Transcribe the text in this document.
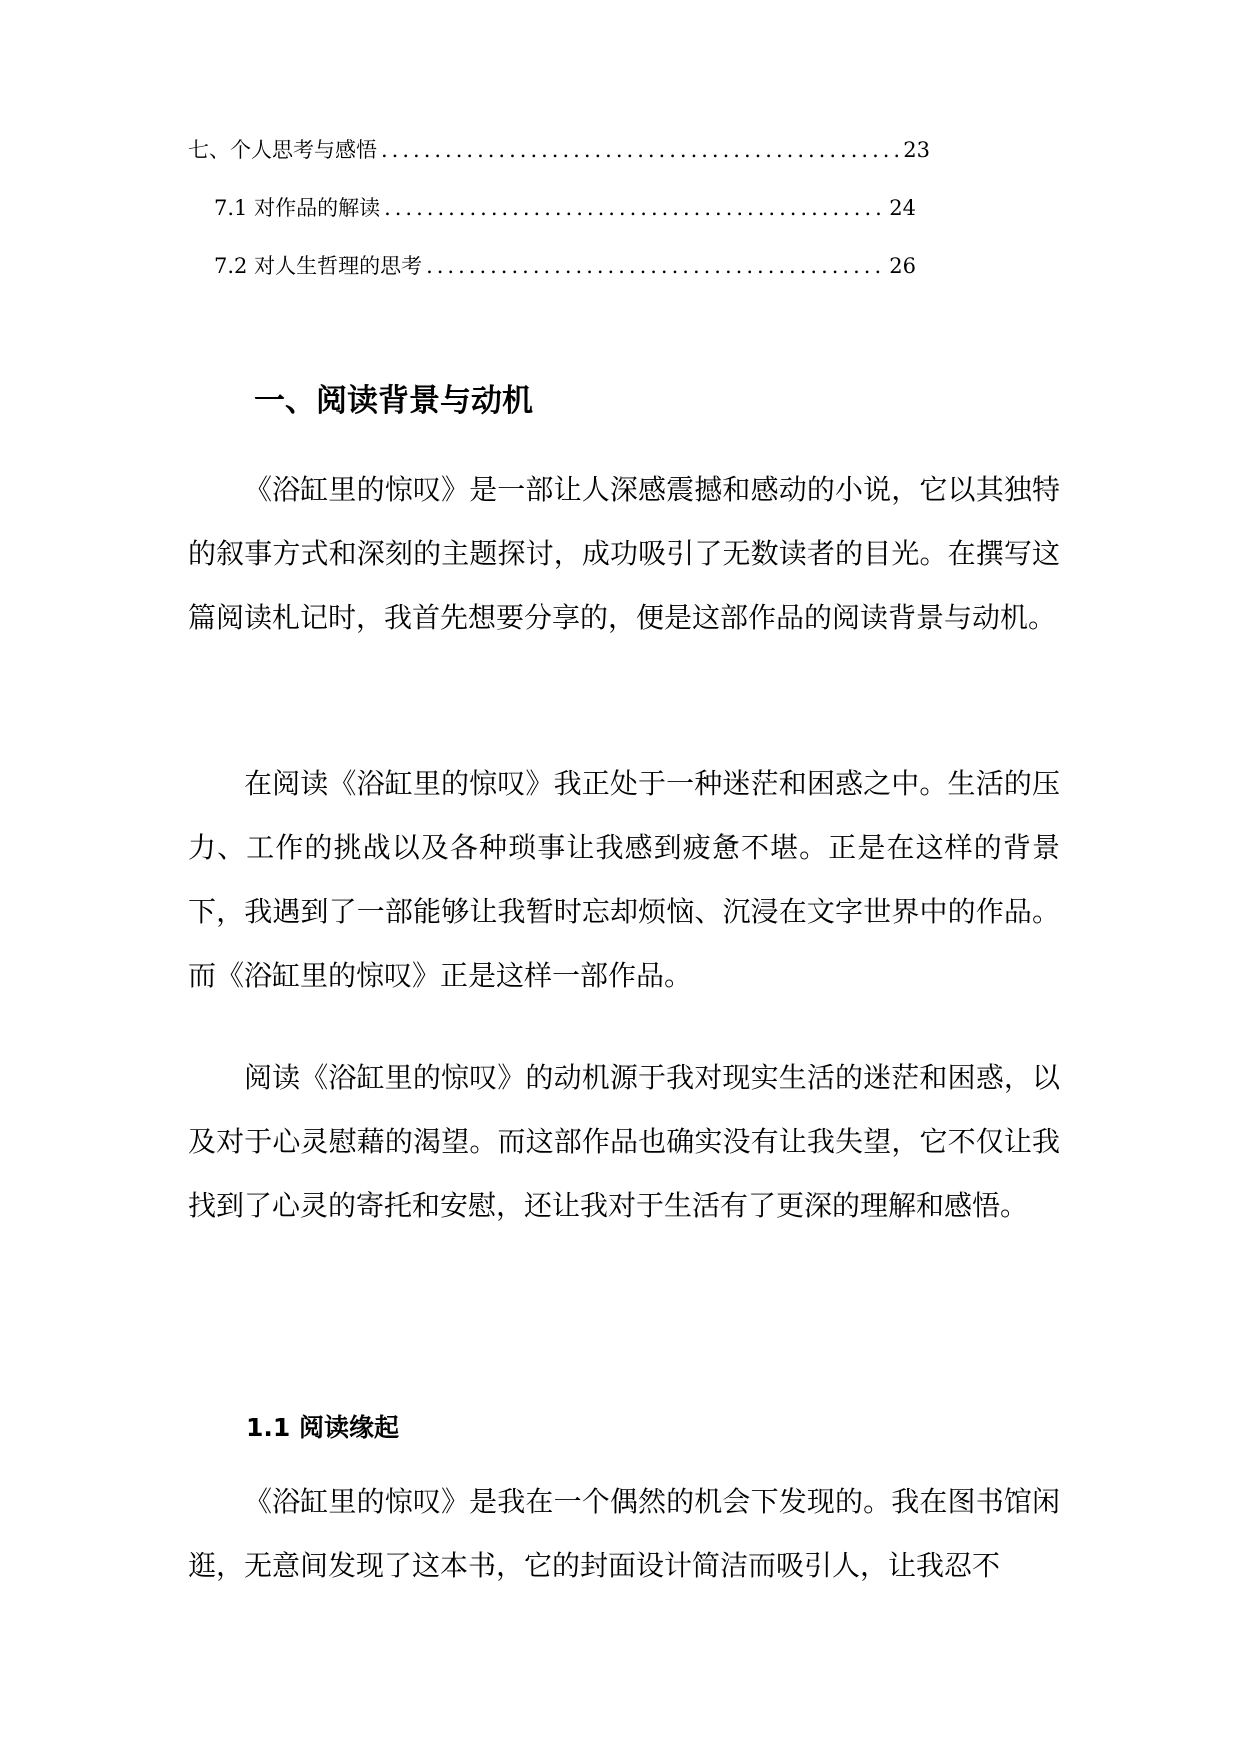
七、个人思考与感悟 .....	23
7.1 对作品的解读 .....	24
7.2 对人生哲理的思考 .....	26
一、阅读背景与动机

《浴缸里的惊叹》是一部让人深感震撼和感动的小说，它以其独特的叙事方式和深刻的主题探讨，成功吸引了无数读者的目光。在撰写这篇阅读札记时，我首先想要分享的，便是这部作品的阅读背景与动机。

在阅读《浴缸里的惊叹》我正处于一种迷茫和困惑之中。生活的压力、工作的挑战以及各种琐事让我感到疲惫不堪。正是在这样的背景下，我遇到了一部能够让我暂时忘却烦恼、沉浸在文字世界中的作品。而《浴缸里的惊叹》正是这样一部作品。

阅读《浴缸里的惊叹》的动机源于我对现实生活的迷茫和困惑，以及对于心灵慰藉的渴望。而这部作品也确实没有让我失望，它不仅让我找到了心灵的寄托和安慰，还让我对于生活有了更深的理解和感悟。

1.1 阅读缘起

《浴缸里的惊叹》是我在一个偶然的机会下发现的。我在图书馆闲逛，无意间发现了这本书，它的封面设计简洁而吸引人，让我忍不
